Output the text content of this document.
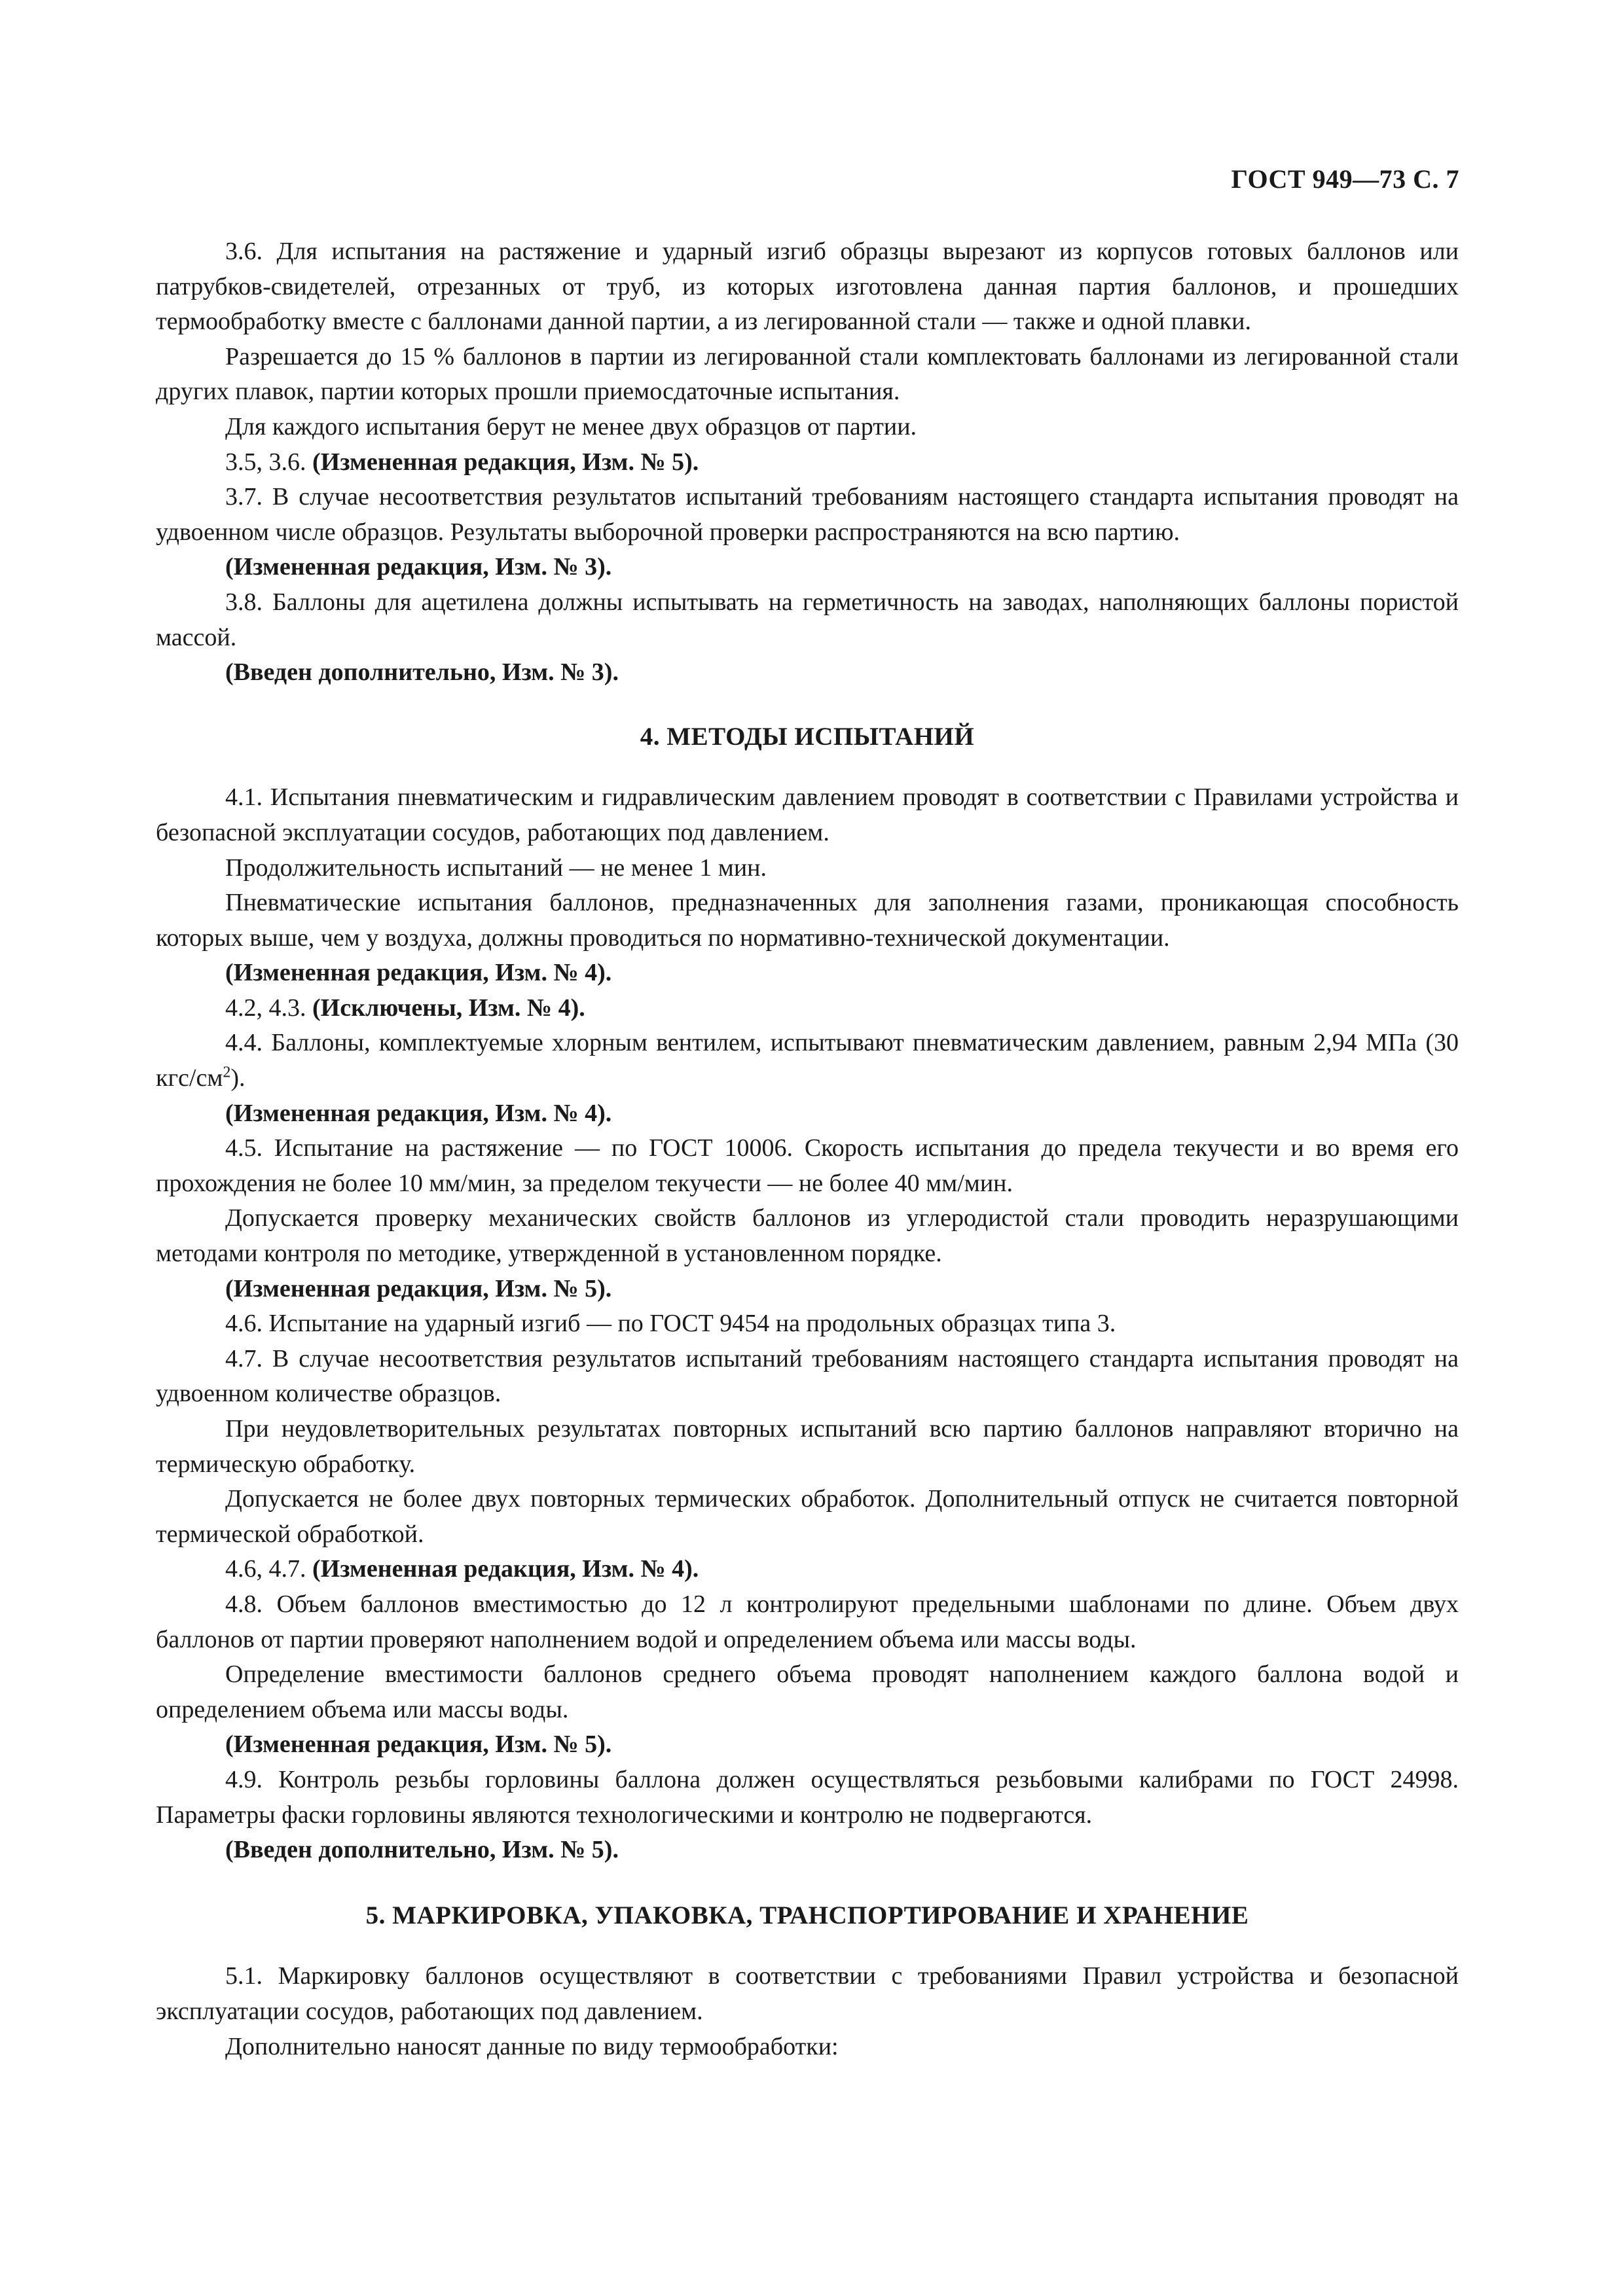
ГОСТ 949—73 С. 7

3.6. Для испытания на растяжение и ударный изгиб образцы вырезают из корпусов готовых баллонов или патрубков-свидетелей, отрезанных от труб, из которых изготовлена данная партия баллонов, и прошедших термообработку вместе с баллонами данной партии, а из легированной стали — также и одной плавки.

Разрешается до 15 % баллонов в партии из легированной стали комплектовать баллонами из легированной стали других плавок, партии которых прошли приемосдаточные испытания.

Для каждого испытания берут не менее двух образцов от партии.

3.5, 3.6. (Измененная редакция, Изм. № 5).

3.7. В случае несоответствия результатов испытаний требованиям настоящего стандарта испытания проводят на удвоенном числе образцов. Результаты выборочной проверки распространяются на всю партию.

(Измененная редакция, Изм. № 3).

3.8. Баллоны для ацетилена должны испытывать на герметичность на заводах, наполняющих баллоны пористой массой.

(Введен дополнительно, Изм. № 3).

4. МЕТОДЫ ИСПЫТАНИЙ

4.1. Испытания пневматическим и гидравлическим давлением проводят в соответствии с Правилами устройства и безопасной эксплуатации сосудов, работающих под давлением.

Продолжительность испытаний — не менее 1 мин.

Пневматические испытания баллонов, предназначенных для заполнения газами, проникающая способность которых выше, чем у воздуха, должны проводиться по нормативно-технической документации.

(Измененная редакция, Изм. № 4).

4.2, 4.3. (Исключены, Изм. № 4).

4.4. Баллоны, комплектуемые хлорным вентилем, испытывают пневматическим давлением, равным 2,94 МПа (30 кгс/$см^2$).

(Измененная редакция, Изм. № 4).

4.5. Испытание на растяжение — по ГОСТ 10006. Скорость испытания до предела текучести и во время его прохождения не более 10 мм/мин, за пределом текучести — не более 40 мм/мин.

Допускается проверку механических свойств баллонов из углеродистой стали проводить неразрушающими методами контроля по методике, утвержденной в установленном порядке.

(Измененная редакция, Изм. № 5).

4.6. Испытание на ударный изгиб — по ГОСТ 9454 на продольных образцах типа 3.

4.7. В случае несоответствия результатов испытаний требованиям настоящего стандарта испытания проводят на удвоенном количестве образцов.

При неудовлетворительных результатах повторных испытаний всю партию баллонов направляют вторично на термическую обработку.

Допускается не более двух повторных термических обработок. Дополнительный отпуск не считается повторной термической обработкой.

4.6, 4.7. (Измененная редакция, Изм. № 4).

4.8. Объем баллонов вместимостью до 12 л контролируют предельными шаблонами по длине. Объем двух баллонов от партии проверяют наполнением водой и определением объема или массы воды.

Определение вместимости баллонов среднего объема проводят наполнением каждого баллона водой и определением объема или массы воды.

(Измененная редакция, Изм. № 5).

4.9. Контроль резьбы горловины баллона должен осуществляться резьбовыми калибрами по ГОСТ 24998. Параметры фаски горловины являются технологическими и контролю не подвергаются.

(Введен дополнительно, Изм. № 5).

5. МАРКИРОВКА, УПАКОВКА, ТРАНСПОРТИРОВАНИЕ И ХРАНЕНИЕ

5.1. Маркировку баллонов осуществляют в соответствии с требованиями Правил устройства и безопасной эксплуатации сосудов, работающих под давлением.

Дополнительно наносят данные по виду термообработки:
